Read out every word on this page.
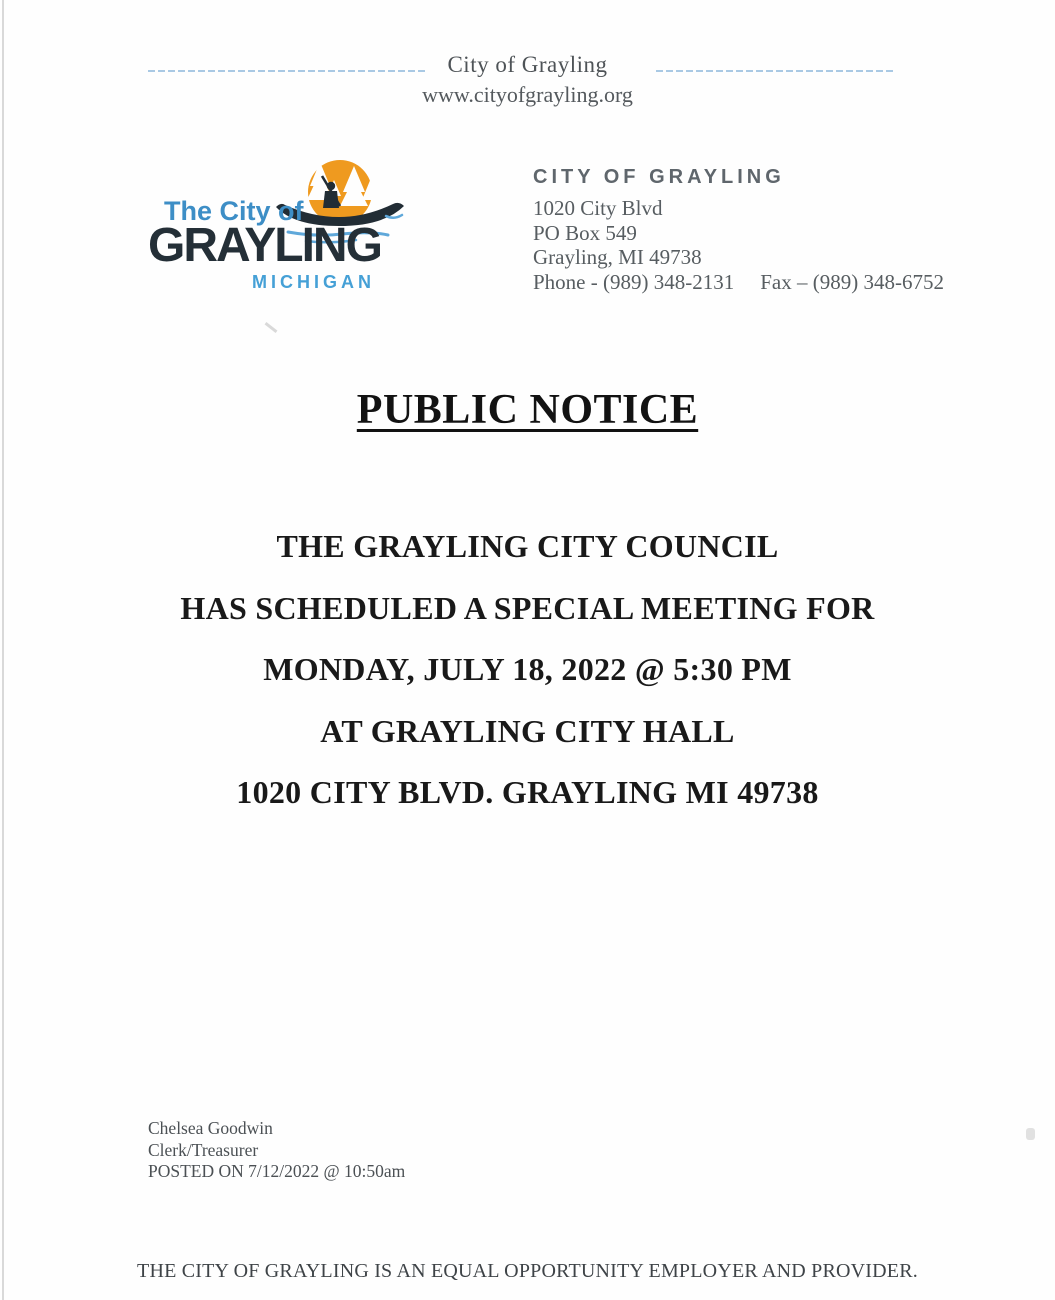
City of Grayling
www.cityofgrayling.org
The City of
GRAYLING
MICHIGAN
CITY OF GRAYLING
1020 City Blvd
PO Box 549
Grayling, MI 49738
Phone - (989) 348-2131 Fax – (989) 348-6752
PUBLIC NOTICE
THE GRAYLING CITY COUNCIL
HAS SCHEDULED A SPECIAL MEETING FOR
MONDAY, JULY 18, 2022 @ 5:30 PM
AT GRAYLING CITY HALL
1020 CITY BLVD. GRAYLING MI 49738
Chelsea Goodwin
Clerk/Treasurer
POSTED ON 7/12/2022 @ 10:50am
THE CITY OF GRAYLING IS AN EQUAL OPPORTUNITY EMPLOYER AND PROVIDER.
